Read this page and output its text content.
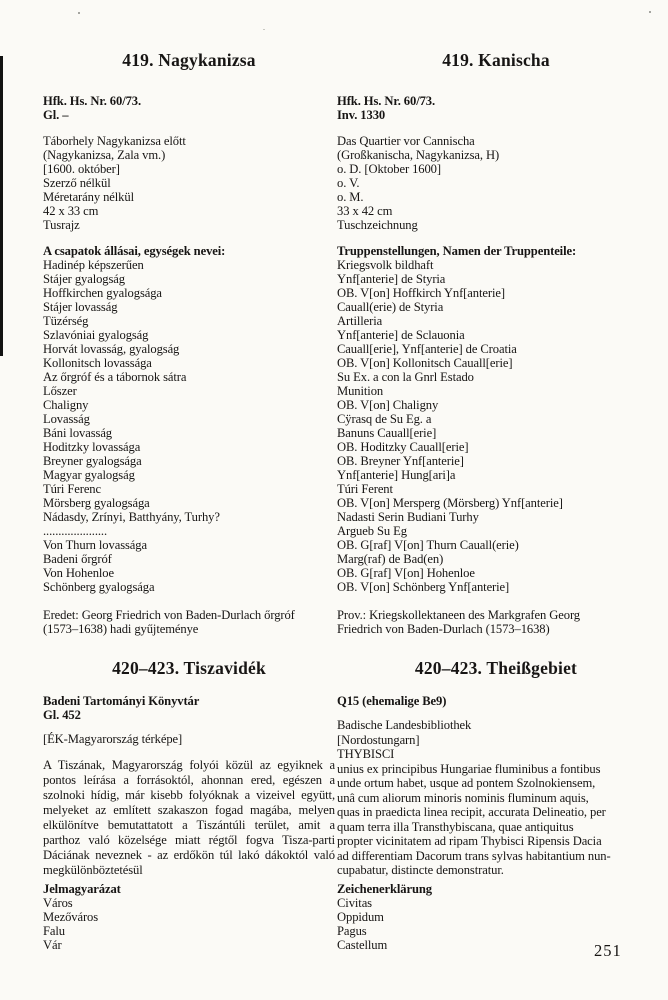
419. Nagykanizsa
Hfk. Hs. Nr. 60/73.
Gl. –
Táborhely Nagykanizsa előtt
(Nagykanizsa, Zala vm.)
[1600. október]
Szerző nélkül
Méretarány nélkül
42 x 33 cm
Tusrajz
A csapatok állásai, egységek nevei:
Hadinép képszerűen
Stájer gyalogság
Hoffkirchen gyalogsága
Stájer lovasság
Tüzérség
Szlavóniai gyalogság
Horvát lovasság, gyalogság
Kollonitsch lovassága
Az őrgróf és a tábornok sátra
Lőszer
Chaligny
Lovasság
Báni lovasság
Hoditzky lovassága
Breyner gyalogsága
Magyar gyalogság
Túri Ferenc
Mörsberg gyalogsága
Nádasdy, Zrínyi, Batthyány, Turhy?
.....................
Von Thurn lovassága
Badeni őrgróf
Von Hohenloe
Schönberg gyalogsága
Eredet: Georg Friedrich von Baden-Durlach őrgróf
(1573–1638) hadi gyűjteménye
420–423. Tiszavidék
Badeni Tartományi Könyvtár
Gl. 452
[ÉK-Magyarország térképe]

A Tiszának, Magyarország folyói közül az egyiknek a pontos leírása a forrásoktól, ahonnan ered, egészen a szolnoki hídig, már kisebb folyóknak a vizeivel együtt, melyeket az említett szakaszon fogad magába, melyen elkülönítve bemutattatott a Tiszántúli terület, amit a parthoz való közelsége miatt régtől fogva Tisza-parti Dáciának neveznek - az erdőkön túl lakó dákoktól való megkülönböztetésül

Jelmagyarázat
Város
Mezőváros
Falu
Vár
419. Kanischa
Hfk. Hs. Nr. 60/73.
Inv. 1330
Das Quartier vor Cannischa
(Großkanischa, Nagykanizsa, H)
o. D. [Oktober 1600]
o. V.
o. M.
33 x 42 cm
Tuschzeichnung
Truppenstellungen, Namen der Truppenteile:
Kriegsvolk bildhaft
Ynf[anterie] de Styria
OB. V[on] Hoffkirch Ynf[anterie]
Cauall(erie) de Styria
Artilleria
Ynf[anterie] de Sclauonia
Cauall[erie], Ynf[anterie] de Croatia
OB. V[on] Kollonitsch Cauall[erie]
Su Ex. a con la Gnrl Estado
Munition
OB. V[on] Chaligny
Cÿrasq de Su Eg. a
Banuns Cauall[erie]
OB. Hoditzky Cauall[erie]
OB. Breyner Ynf[anterie]
Ynf[anterie] Hung[ari]a
Túri Ferent
OB. V[on] Mersperg (Mörsberg) Ynf[anterie]
Nadasti Serin Budiani Turhy
Argueb Su Eg
OB. G[raf] V[on] Thurn Cauall(erie)
Marg(raf) de Bad(en)
OB. G[raf] V[on] Hohenloe
OB. V[on] Schönberg Ynf[anterie]
Prov.: Kriegskollektaneen des Markgrafen Georg
Friedrich von Baden-Durlach (1573–1638)
420–423. Theißgebiet
Q15 (ehemalige Be9)
Badische Landesbibliothek
[Nordostungarn]
THYBISCI
unius ex principibus Hungariae fluminibus a fontibus
unde ortum habet, usque ad pontem Szolnokiensem,
unâ cum aliorum minoris nominis fluminum aquis,
quas in praedicta linea recipit, accurata Delineatio, per
quam terra illa Transthybiscana, quae antiquitus
propter vicinitatem ad ripam Thybisci Ripensis Dacia
ad differentiam Dacorum trans sylvas habitantium nun-
cupabatur, distincte demonstratur.
Zeichenerklärung
Civitas
Oppidum
Pagus
Castellum	251
